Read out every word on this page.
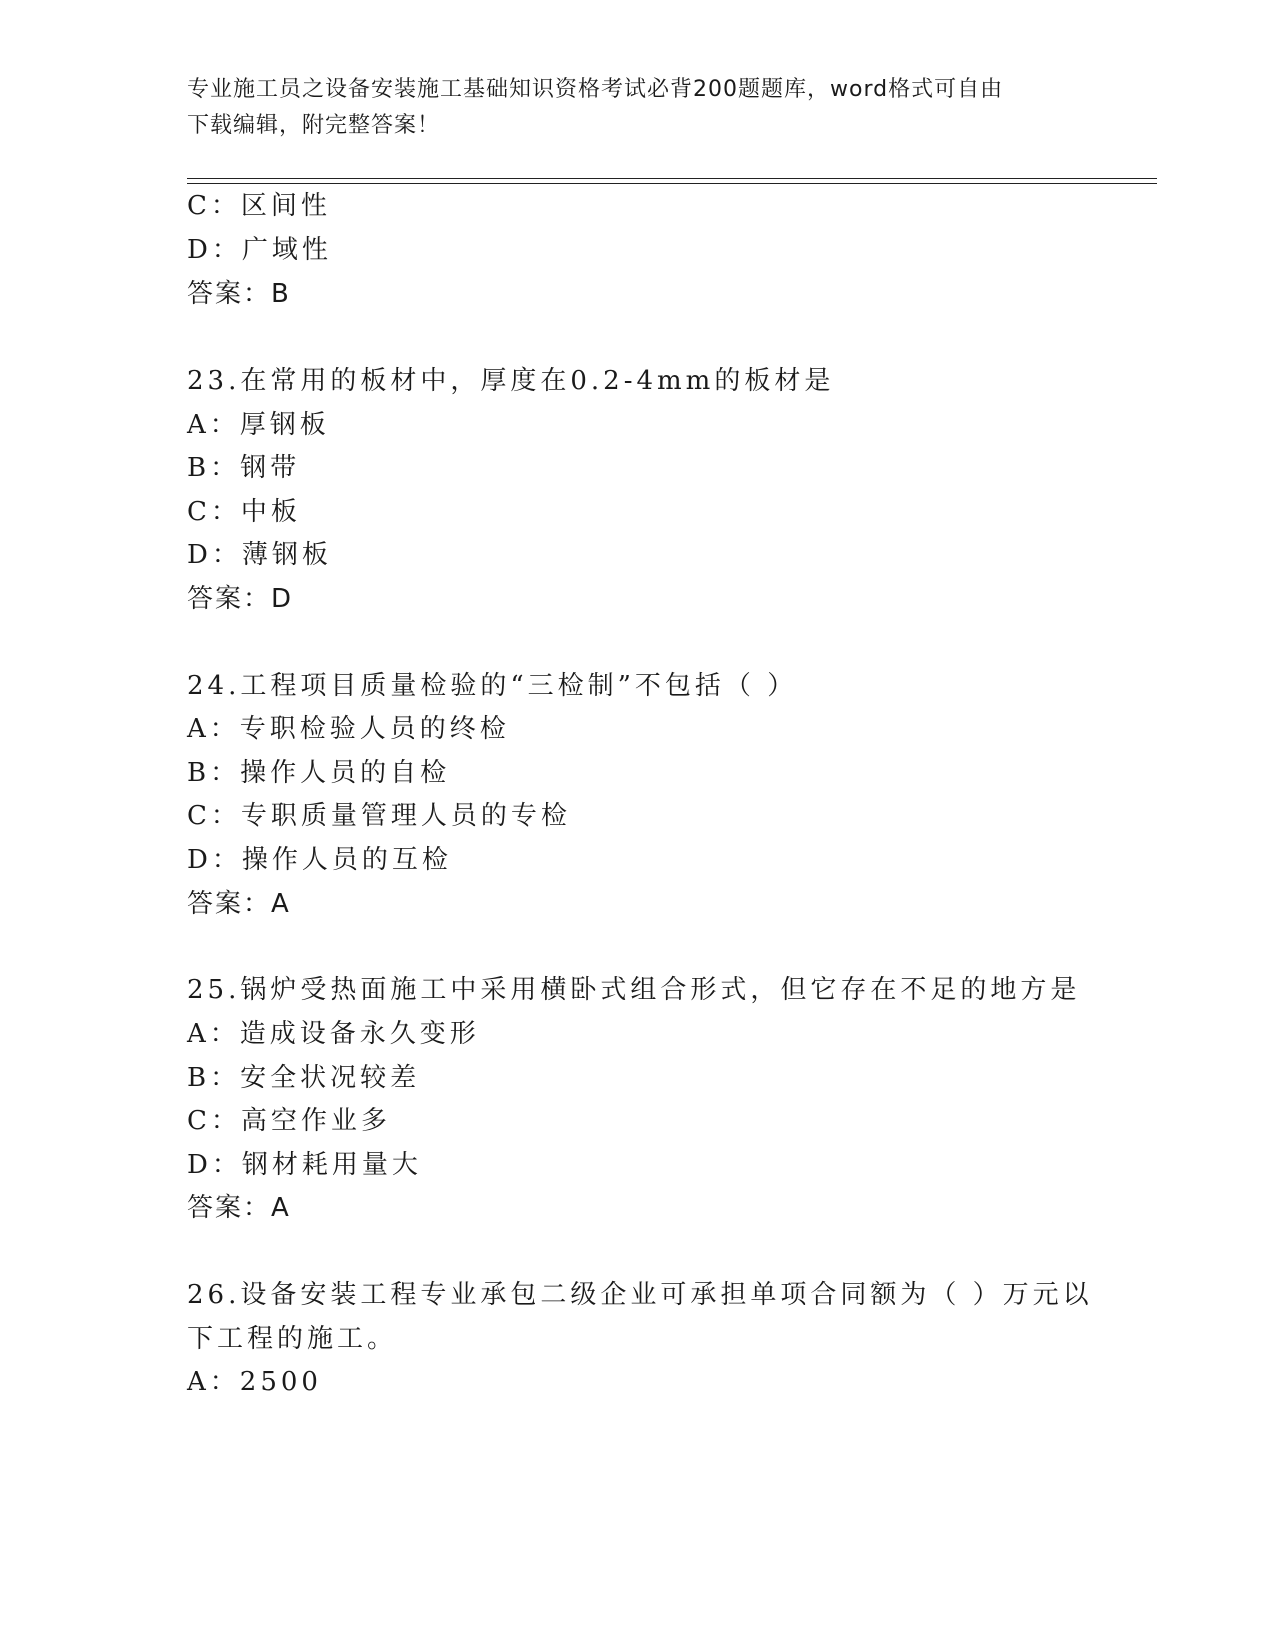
专业施工员之设备安装施工基础知识资格考试必背200题题库，word格式可自由
下载编辑，附完整答案！
C：区间性
D：广域性
答案：B
23.在常用的板材中，厚度在0.2-4mm的板材是
A：厚钢板
B：钢带
C：中板
D：薄钢板
答案：D
24.工程项目质量检验的“三检制”不包括（ ）
A：专职检验人员的终检
B：操作人员的自检
C：专职质量管理人员的专检
D：操作人员的互检
答案：A
25.锅炉受热面施工中采用横卧式组合形式，但它存在不足的地方是
A：造成设备永久变形
B：安全状况较差
C：高空作业多
D：钢材耗用量大
答案：A
26.设备安装工程专业承包二级企业可承担单项合同额为（ ）万元以
下工程的施工。
A：2500
